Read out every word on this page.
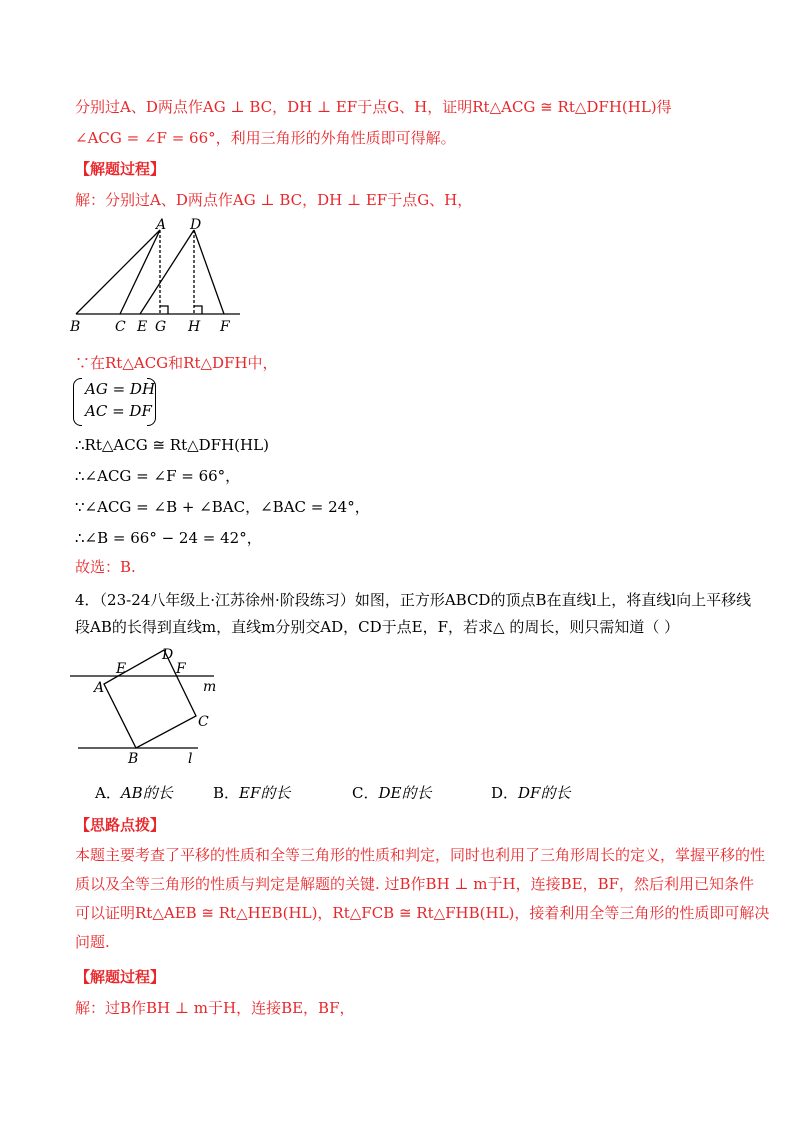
分别过A、D两点作AG ⊥ BC，DH ⊥ EF于点G、H，证明Rt△ACG ≅ Rt△DFH(HL)得
∠ACG = ∠F = 66°，利用三角形的外角性质即可得解。
【解题过程】
解：分别过A、D两点作AG ⊥ BC，DH ⊥ EF于点G、H，
A D
B C E G H F
∵在Rt△ACG和Rt△DFH中，
AG = DH
AC = DF
∴Rt△ACG ≅ Rt△DFH(HL)
∴∠ACG = ∠F = 66°，
∵∠ACG = ∠B + ∠BAC，∠BAC = 24°，
∴∠B = 66° − 24 = 42°，
故选：B.
4．（23-24八年级上·江苏徐州·阶段练习）如图，正方形ABCD的顶点B在直线l上，将直线l向上平移线
段AB的长得到直线m，直线m分别交AD，CD于点E，F，若求△ 的周长，则只需知道（ ）
D
E	F
m
A
C
B	l
A．AB的长	B．EF的长	C．DE的长	D．DF的长
【思路点拨】
本题主要考查了平移的性质和全等三角形的性质和判定，同时也利用了三角形周长的定义，掌握平移的性
质以及全等三角形的性质与判定是解题的关键. 过B作BH ⊥ m于H，连接BE，BF，然后利用已知条件
可以证明Rt△AEB ≅ Rt△HEB(HL)，Rt△FCB ≅ Rt△FHB(HL)，接着利用全等三角形的性质即可解决
问题.
【解题过程】
解：过B作BH ⊥ m于H，连接BE，BF，
